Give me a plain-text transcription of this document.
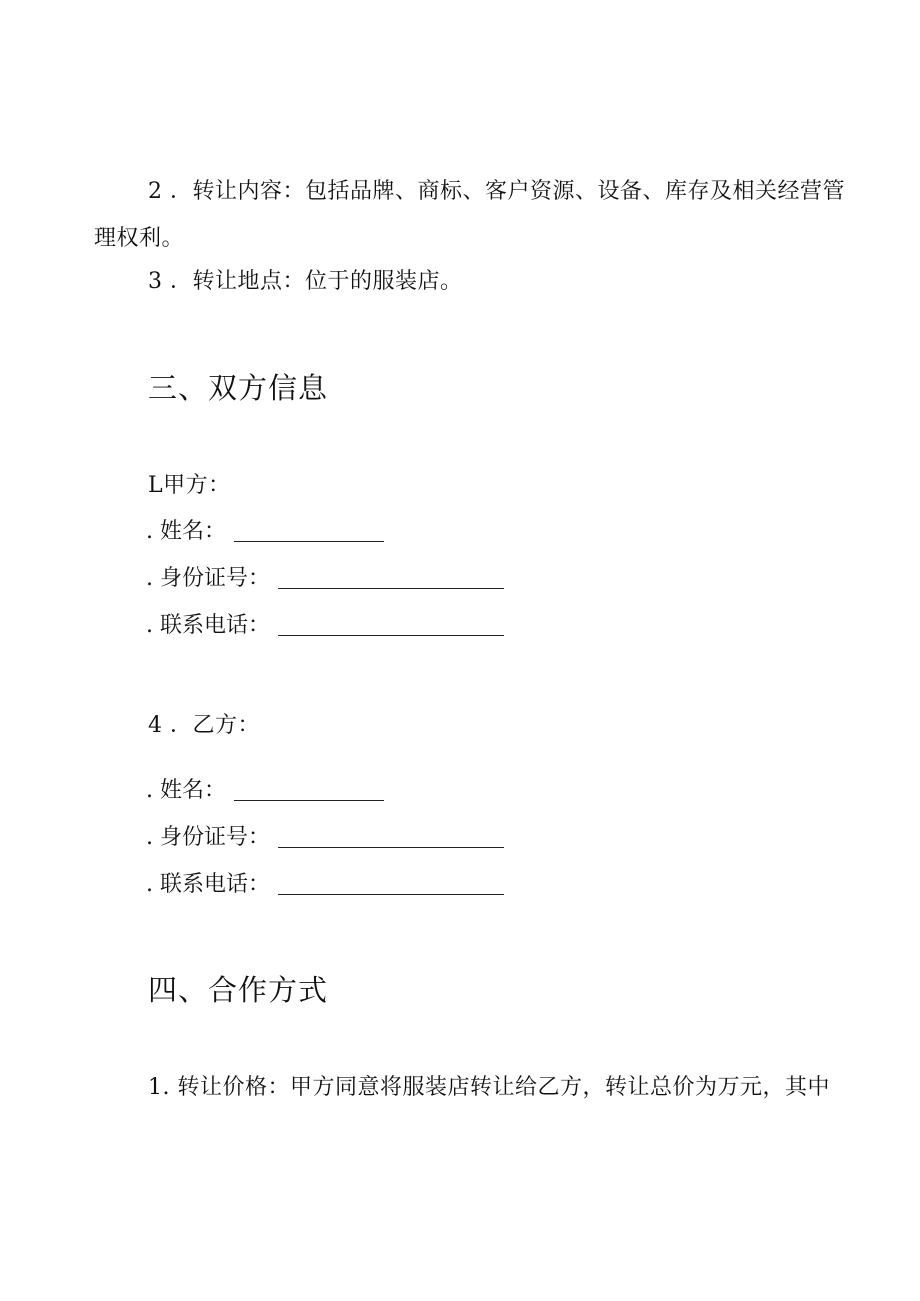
2 ．转让内容：包括品牌、商标、客户资源、设备、库存及相关经营管
理权利。
3 ．转让地点：位于的服装店。
三、双方信息
L甲方：
. 姓名：
. 身份证号：
. 联系电话：
4 ．乙方：
. 姓名：
. 身份证号：
. 联系电话：
四、合作方式
1. 转让价格：甲方同意将服装店转让给乙方，转让总价为万元，其中
